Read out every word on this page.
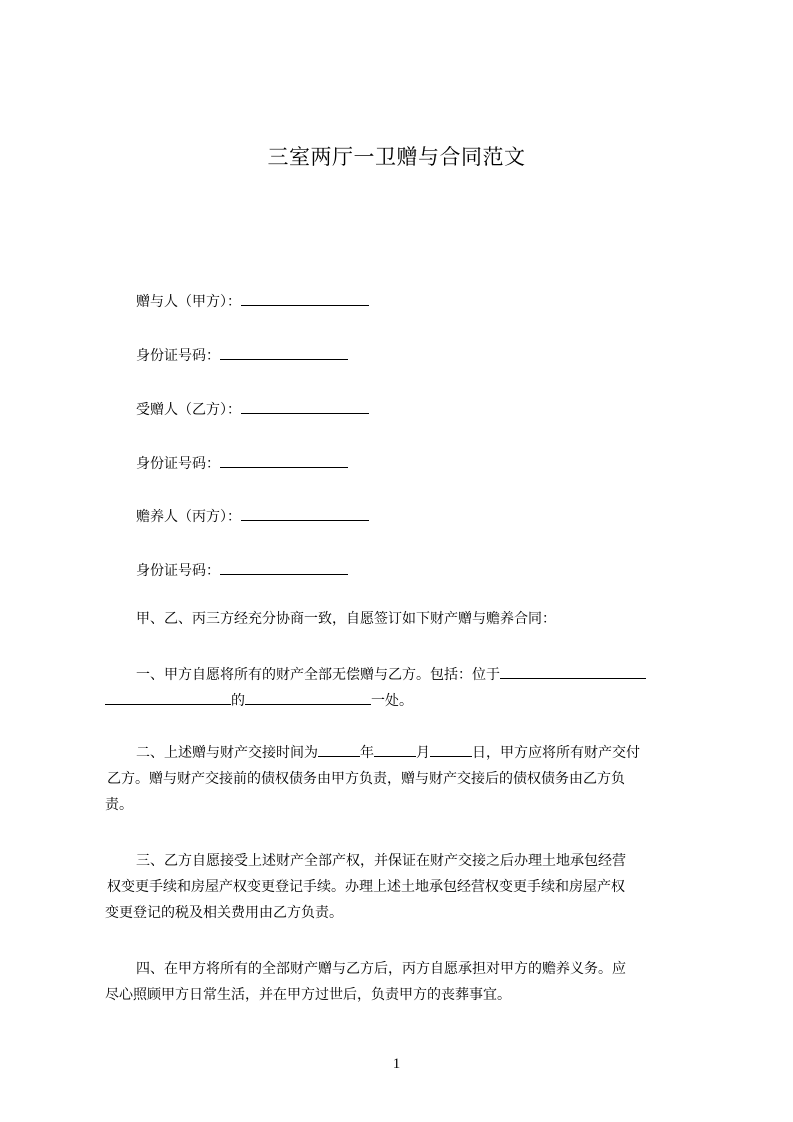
三室两厅一卫赠与合同范文
赠与人（甲方）：
身份证号码：
受赠人（乙方）：
身份证号码：
赡养人（丙方）：
身份证号码：
甲、乙、丙三方经充分协商一致，自愿签订如下财产赠与赡养合同：
一、甲方自愿将所有的财产全部无偿赠与乙方。包括：位于
的	一处。
二、上述赠与财产交接时间为	年	月	日，甲方应将所有财产交付
乙方。赠与财产交接前的债权债务由甲方负责，赠与财产交接后的债权债务由乙方负
责。
三、乙方自愿接受上述财产全部产权，并保证在财产交接之后办理土地承包经营
权变更手续和房屋产权变更登记手续。办理上述土地承包经营权变更手续和房屋产权
变更登记的税及相关费用由乙方负责。
四、在甲方将所有的全部财产赠与乙方后，丙方自愿承担对甲方的赡养义务。应
尽心照顾甲方日常生活，并在甲方过世后，负责甲方的丧葬事宜。
1
